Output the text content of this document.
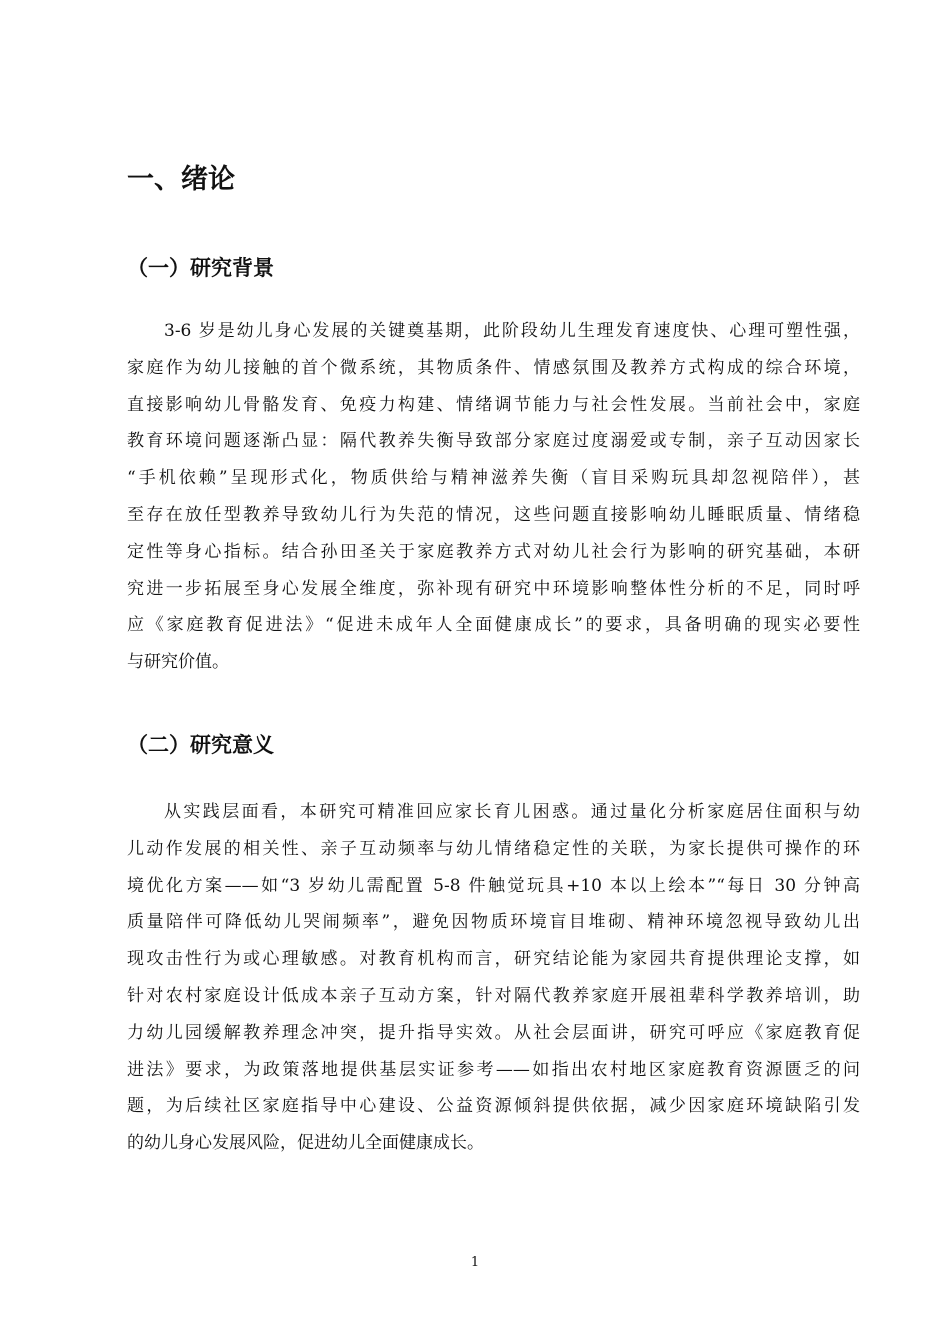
一、绪论
（一）研究背景
3-6 岁是幼儿身心发展的关键奠基期，此阶段幼儿生理发育速度快、心理可塑性强，
家庭作为幼儿接触的首个微系统，其物质条件、情感氛围及教养方式构成的综合环境，
直接影响幼儿骨骼发育、免疫力构建、情绪调节能力与社会性发展。当前社会中，家庭
教育环境问题逐渐凸显：隔代教养失衡导致部分家庭过度溺爱或专制，亲子互动因家长
“手机依赖”呈现形式化，物质供给与精神滋养失衡（盲目采购玩具却忽视陪伴），甚
至存在放任型教养导致幼儿行为失范的情况，这些问题直接影响幼儿睡眠质量、情绪稳
定性等身心指标。结合孙田圣关于家庭教养方式对幼儿社会行为影响的研究基础，本研
究进一步拓展至身心发展全维度，弥补现有研究中环境影响整体性分析的不足，同时呼
应《家庭教育促进法》“促进未成年人全面健康成长”的要求，具备明确的现实必要性
与研究价值。
（二）研究意义
从实践层面看，本研究可精准回应家长育儿困惑。通过量化分析家庭居住面积与幼
儿动作发展的相关性、亲子互动频率与幼儿情绪稳定性的关联，为家长提供可操作的环
境优化方案——如“3 岁幼儿需配置 5-8 件触觉玩具+10 本以上绘本”“每日 30 分钟高
质量陪伴可降低幼儿哭闹频率”，避免因物质环境盲目堆砌、精神环境忽视导致幼儿出
现攻击性行为或心理敏感。对教育机构而言，研究结论能为家园共育提供理论支撑，如
针对农村家庭设计低成本亲子互动方案，针对隔代教养家庭开展祖辈科学教养培训，助
力幼儿园缓解教养理念冲突，提升指导实效。从社会层面讲，研究可呼应《家庭教育促
进法》要求，为政策落地提供基层实证参考——如指出农村地区家庭教育资源匮乏的问
题，为后续社区家庭指导中心建设、公益资源倾斜提供依据，减少因家庭环境缺陷引发
的幼儿身心发展风险，促进幼儿全面健康成长。
1
